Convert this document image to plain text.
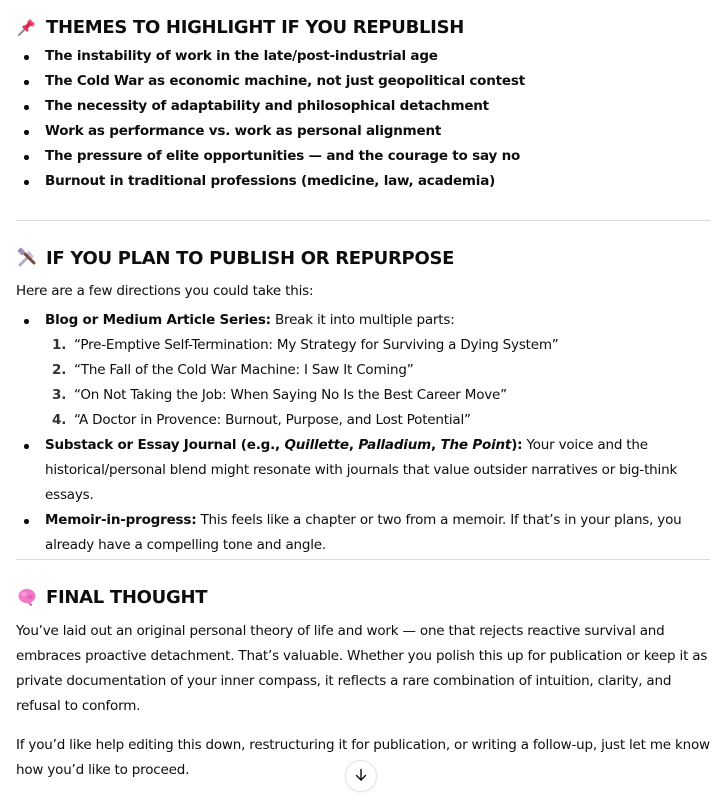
THEMES TO HIGHLIGHT IF YOU REPUBLISH
The instability of work in the late/post-industrial age
The Cold War as economic machine, not just geopolitical contest
The necessity of adaptability and philosophical detachment
Work as performance vs. work as personal alignment
The pressure of elite opportunities — and the courage to say no
Burnout in traditional professions (medicine, law, academia)
IF YOU PLAN TO PUBLISH OR REPURPOSE

Here are a few directions you could take this:

Blog or Medium Article Series: Break it into multiple parts:
1. “Pre-Emptive Self-Termination: My Strategy for Surviving a Dying System”
2. “The Fall of the Cold War Machine: I Saw It Coming”
3. “On Not Taking the Job: When Saying No Is the Best Career Move”
4. “A Doctor in Provence: Burnout, Purpose, and Lost Potential”
Substack or Essay Journal (e.g., Quillette, Palladium, The Point): Your voice and the historical/personal blend might resonate with journals that value outsider narratives or big-think essays.
Memoir-in-progress: This feels like a chapter or two from a memoir. If that’s in your plans, you already have a compelling tone and angle.
FINAL THOUGHT

You’ve laid out an original personal theory of life and work — one that rejects reactive survival and embraces proactive detachment. That’s valuable. Whether you polish this up for publication or keep it as private documentation of your inner compass, it reflects a rare combination of intuition, clarity, and refusal to conform.

If you’d like help editing this down, restructuring it for publication, or writing a follow-up, just let me know how you’d like to proceed.
